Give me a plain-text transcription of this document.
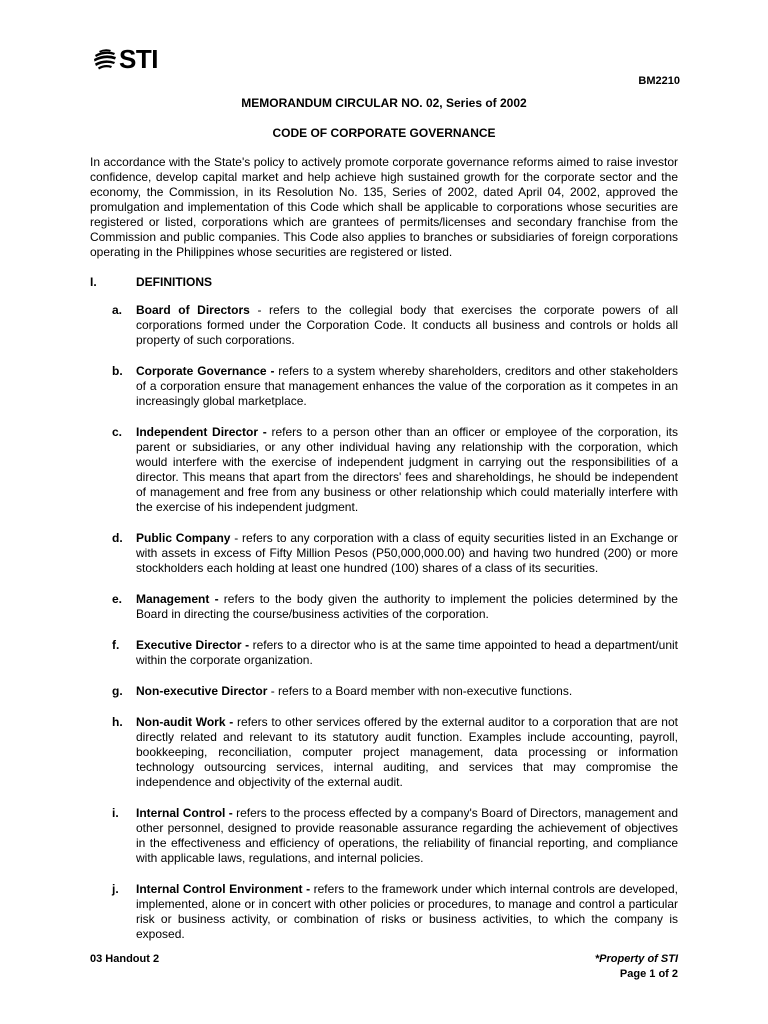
STI
BM2210
MEMORANDUM CIRCULAR NO. 02, Series of 2002
CODE OF CORPORATE GOVERNANCE
In accordance with the State's policy to actively promote corporate governance reforms aimed to raise investor confidence, develop capital market and help achieve high sustained growth for the corporate sector and the economy, the Commission, in its Resolution No. 135, Series of 2002, dated April 04, 2002, approved the promulgation and implementation of this Code which shall be applicable to corporations whose securities are registered or listed, corporations which are grantees of permits/licenses and secondary franchise from the Commission and public companies. This Code also applies to branches or subsidiaries of foreign corporations operating in the Philippines whose securities are registered or listed.
I.	DEFINITIONS
a.	Board of Directors - refers to the collegial body that exercises the corporate powers of all corporations formed under the Corporation Code. It conducts all business and controls or holds all property of such corporations.
b.	Corporate Governance - refers to a system whereby shareholders, creditors and other stakeholders of a corporation ensure that management enhances the value of the corporation as it competes in an increasingly global marketplace.
c.	Independent Director - refers to a person other than an officer or employee of the corporation, its parent or subsidiaries, or any other individual having any relationship with the corporation, which would interfere with the exercise of independent judgment in carrying out the responsibilities of a director. This means that apart from the directors' fees and shareholdings, he should be independent of management and free from any business or other relationship which could materially interfere with the exercise of his independent judgment.
d.	Public Company - refers to any corporation with a class of equity securities listed in an Exchange or with assets in excess of Fifty Million Pesos (P50,000,000.00) and having two hundred (200) or more stockholders each holding at least one hundred (100) shares of a class of its securities.
e.	Management - refers to the body given the authority to implement the policies determined by the Board in directing the course/business activities of the corporation.
f.	Executive Director - refers to a director who is at the same time appointed to head a department/unit within the corporate organization.
g.	Non-executive Director - refers to a Board member with non-executive functions.
h.	Non-audit Work - refers to other services offered by the external auditor to a corporation that are not directly related and relevant to its statutory audit function. Examples include accounting, payroll, bookkeeping, reconciliation, computer project management, data processing or information technology outsourcing services, internal auditing, and services that may compromise the independence and objectivity of the external audit.
i.	Internal Control - refers to the process effected by a company's Board of Directors, management and other personnel, designed to provide reasonable assurance regarding the achievement of objectives in the effectiveness and efficiency of operations, the reliability of financial reporting, and compliance with applicable laws, regulations, and internal policies.
j.	Internal Control Environment - refers to the framework under which internal controls are developed, implemented, alone or in concert with other policies or procedures, to manage and control a particular risk or business activity, or combination of risks or business activities, to which the company is exposed.
03 Handout 2	*Property of STI
Page 1 of 2
